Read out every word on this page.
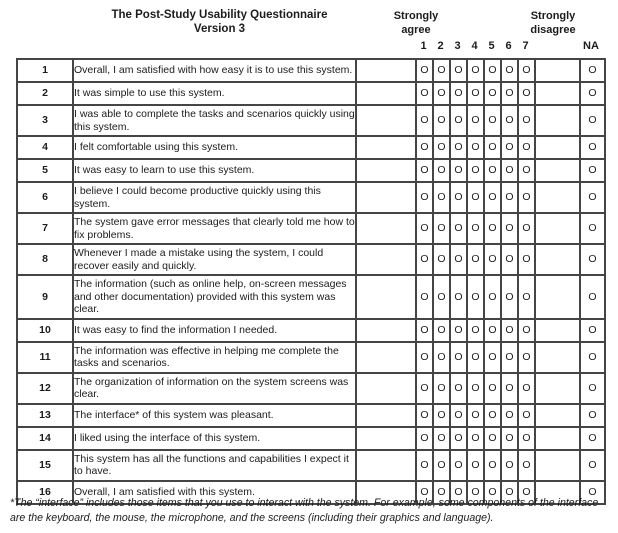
The Post-Study Usability Questionnaire
Version 3
Strongly
agree
Strongly
disagree
1 2 3 4 5 6 7	NA
1	Overall, I am satisfied with how easy it is to use this system.		O	O	O	O	O	O	O		O
2	It was simple to use this system.		O	O	O	O	O	O	O		O
3	I was able to complete the tasks and scenarios quickly using this system.		O	O	O	O	O	O	O		O
4	I felt comfortable using this system.		O	O	O	O	O	O	O		O
5	It was easy to learn to use this system.		O	O	O	O	O	O	O		O
6	I believe I could become productive quickly using this system.		O	O	O	O	O	O	O		O
7	The system gave error messages that clearly told me how to fix problems.		O	O	O	O	O	O	O		O
8	Whenever I made a mistake using the system, I could recover easily and quickly.		O	O	O	O	O	O	O		O
9	The information (such as online help, on-screen messages and other documentation) provided with this system was clear.		O	O	O	O	O	O	O		O
10	It was easy to find the information I needed.		O	O	O	O	O	O	O		O
11	The information was effective in helping me complete the tasks and scenarios.		O	O	O	O	O	O	O		O
12	The organization of information on the system screens was clear.		O	O	O	O	O	O	O		O
13	The interface* of this system was pleasant.		O	O	O	O	O	O	O		O
14	I liked using the interface of this system.		O	O	O	O	O	O	O		O
15	This system has all the functions and capabilities I expect it to have.		O	O	O	O	O	O	O		O
16	Overall, I am satisfied with this system.		O	O	O	O	O	O	O		O
*The “interface” includes those items that you use to interact with the system. For example, some components of the interface are the keyboard, the mouse, the microphone, and the screens (including their graphics and language).
